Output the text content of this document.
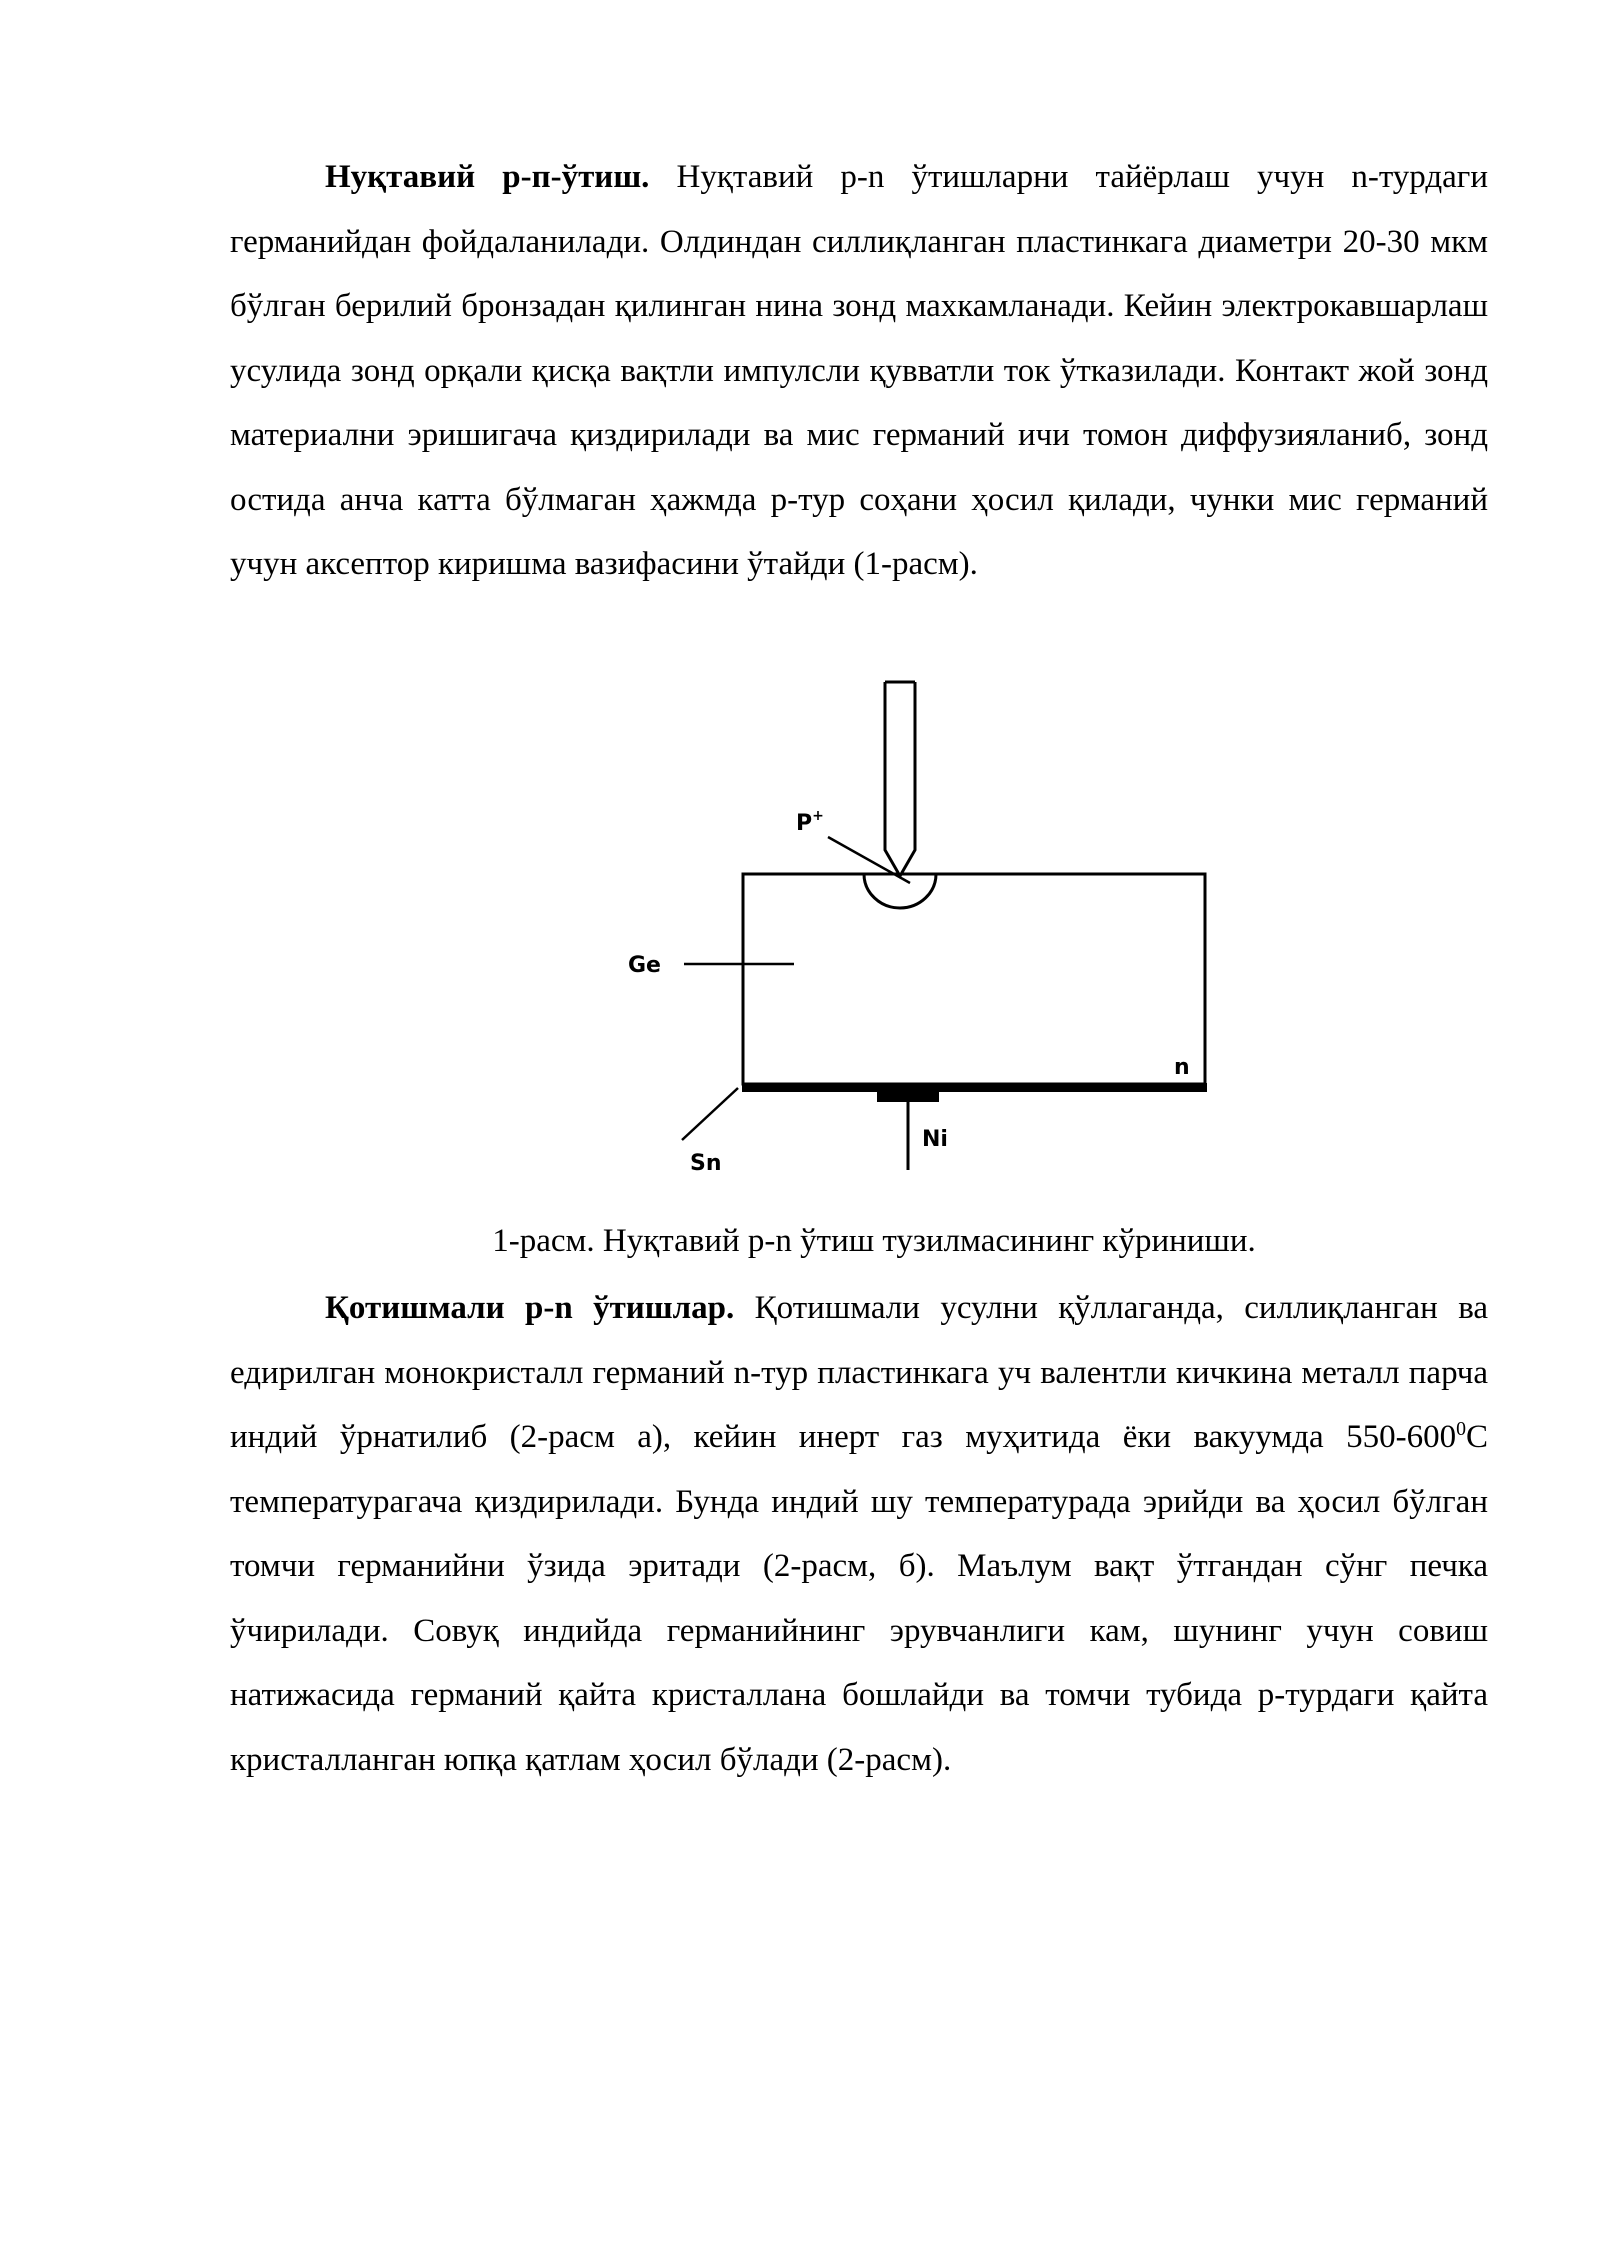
Нуқтавий p-п-ўтиш. Нуқтавий p-n ўтишларни тайёрлаш учун n-турдаги германийдан фойдаланилади. Олдиндан силлиқланган пластинкага диаметри 20-30 мкм бўлган берилий бронзадан қилинган нина зонд махкамланади. Кейин электрокавшарлаш усулида зонд орқали қисқа вақтли импулсли қувватли ток ўтказилади. Контакт жой зонд материални эришигача қиздирилади ва мис германий ичи томон диффузияланиб, зонд остида анча катта бўлмаган ҳажмда p-тур соҳани ҳосил қилади, чунки мис германий учун аксептор киришма вазифасини ўтайди (1-расм).

P+
Ge
n
Sn
Ni

1-расм. Нуқтавий p-n ўтиш тузилмасининг кўриниши.

Қотишмали p-n ўтишлар. Қотишмали усулни қўллаганда, силлиқланган ва едирилган монокристалл германий n-тур пластинкага уч валентли кичкина металл парча индий ўрнатилиб (2-расм а), кейин инерт газ муҳитида ёки вакуумда $550-600^0C$ температурагача қиздирилади. Бунда индий шу температурада эрийди ва ҳосил бўлган томчи германийни ўзида эритади (2-расм, б). Маълум вақт ўтгандан сўнг печка ўчирилади. Совуқ индийда германийнинг эрувчанлиги кам, шунинг учун совиш натижасида германий қайта кристаллана бошлайди ва томчи тубида p-турдаги қайта кристалланган юпқа қатлам ҳосил бўлади (2-расм).
